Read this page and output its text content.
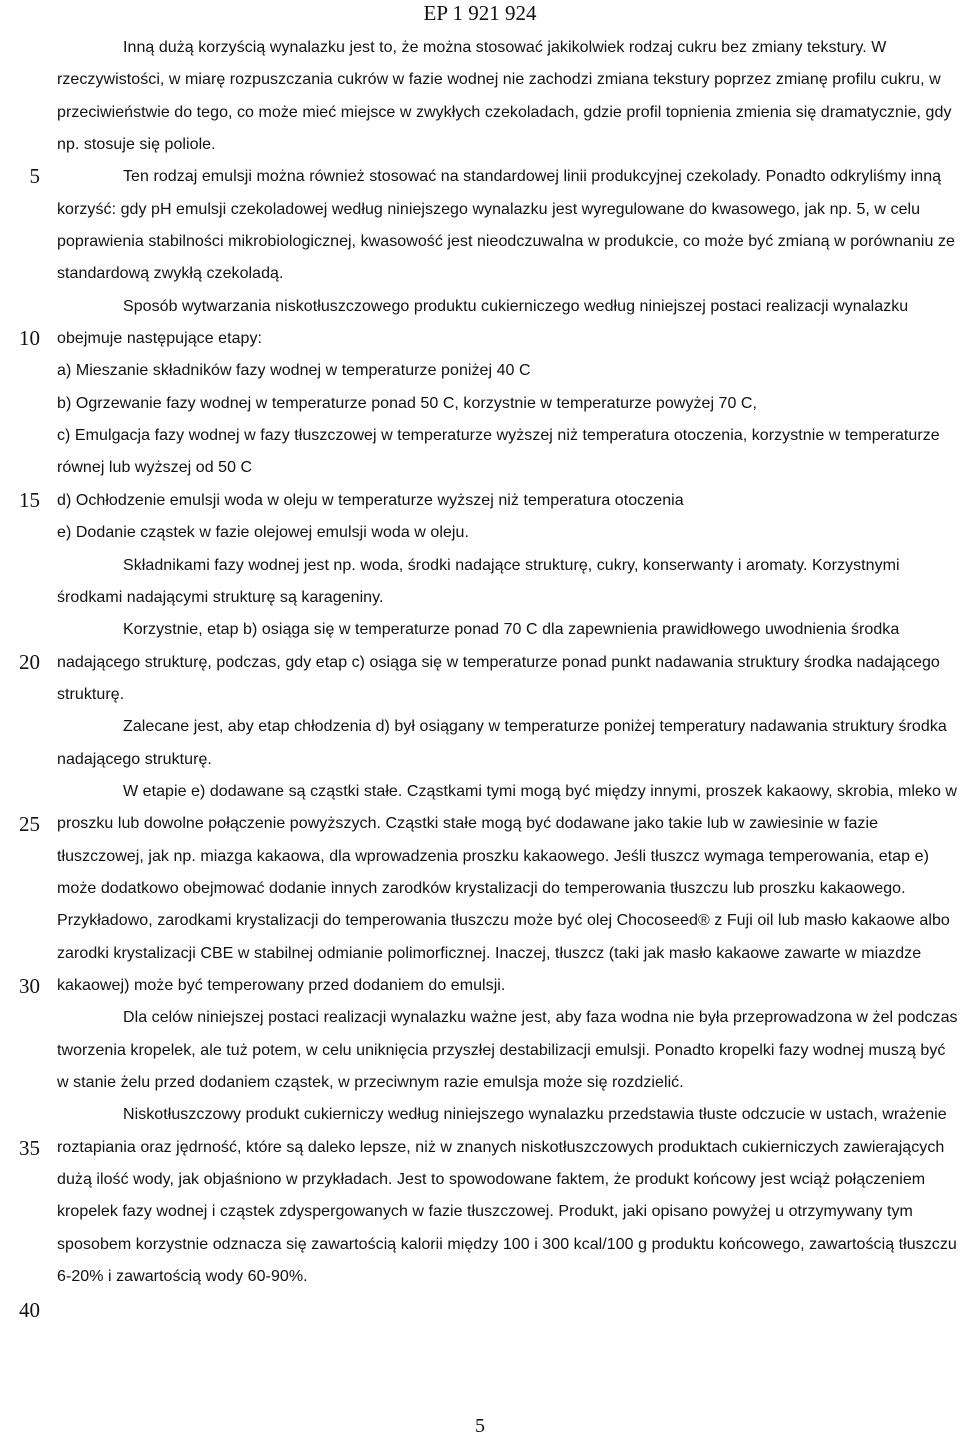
EP 1 921 924
5
10
15
20
25
30
35
40

Inną dużą korzyścią wynalazku jest to, że można stosować jakikolwiek rodzaj cukru bez zmiany tekstury. W rzeczywistości, w miarę rozpuszczania cukrów w fazie wodnej nie zachodzi zmiana tekstury poprzez zmianę profilu cukru, w przeciwieństwie do tego, co może mieć miejsce w zwykłych czekoladach, gdzie profil topnienia zmienia się dramatycznie, gdy np. stosuje się poliole.

Ten rodzaj emulsji można również stosować na standardowej linii produkcyjnej czekolady. Ponadto odkryliśmy inną korzyść: gdy pH emulsji czekoladowej według niniejszego wynalazku jest wyregulowane do kwasowego, jak np. 5, w celu poprawienia stabilności mikrobiologicznej, kwasowość jest nieodczuwalna w produkcie, co może być zmianą w porównaniu ze standardową zwykłą czekoladą.

Sposób wytwarzania niskotłuszczowego produktu cukierniczego według niniejszej postaci realizacji wynalazku obejmuje następujące etapy:

a) Mieszanie składników fazy wodnej w temperaturze poniżej 40 C

b) Ogrzewanie fazy wodnej w temperaturze ponad 50 C, korzystnie w temperaturze powyżej 70 C,

c) Emulgacja fazy wodnej w fazy tłuszczowej w temperaturze wyższej niż temperatura otoczenia, korzystnie w temperaturze równej lub wyższej od 50 C

d) Ochłodzenie emulsji woda w oleju w temperaturze wyższej niż temperatura otoczenia

e) Dodanie cząstek w fazie olejowej emulsji woda w oleju.

Składnikami fazy wodnej jest np. woda, środki nadające strukturę, cukry, konserwanty i aromaty. Korzystnymi środkami nadającymi strukturę są karageniny.

Korzystnie, etap b) osiąga się w temperaturze ponad 70 C dla zapewnienia prawidłowego uwodnienia środka nadającego strukturę, podczas, gdy etap c) osiąga się w temperaturze ponad punkt nadawania struktury środka nadającego strukturę.

Zalecane jest, aby etap chłodzenia d) był osiągany w temperaturze poniżej temperatury nadawania struktury środka nadającego strukturę.

W etapie e) dodawane są cząstki stałe. Cząstkami tymi mogą być między innymi, proszek kakaowy, skrobia, mleko w proszku lub dowolne połączenie powyższych. Cząstki stałe mogą być dodawane jako takie lub w zawiesinie w fazie tłuszczowej, jak np. miazga kakaowa, dla wprowadzenia proszku kakaowego. Jeśli tłuszcz wymaga temperowania, etap e) może dodatkowo obejmować dodanie innych zarodków krystalizacji do temperowania tłuszczu lub proszku kakaowego. Przykładowo, zarodkami krystalizacji do temperowania tłuszczu może być olej Chocoseed® z Fuji oil lub masło kakaowe albo zarodki krystalizacji CBE w stabilnej odmianie polimorficznej. Inaczej, tłuszcz (taki jak masło kakaowe zawarte w miazdze kakaowej) może być temperowany przed dodaniem do emulsji.

Dla celów niniejszej postaci realizacji wynalazku ważne jest, aby faza wodna nie była przeprowadzona w żel podczas tworzenia kropelek, ale tuż potem, w celu uniknięcia przyszłej destabilizacji emulsji. Ponadto kropelki fazy wodnej muszą być w stanie żelu przed dodaniem cząstek, w przeciwnym razie emulsja może się rozdzielić.

Niskotłuszczowy produkt cukierniczy według niniejszego wynalazku przedstawia tłuste odczucie w ustach, wrażenie roztapiania oraz jędrność, które są daleko lepsze, niż w znanych niskotłuszczowych produktach cukierniczych zawierających dużą ilość wody, jak objaśniono w przykładach. Jest to spowodowane faktem, że produkt końcowy jest wciąż połączeniem kropelek fazy wodnej i cząstek zdyspergowanych w fazie tłuszczowej. Produkt, jaki opisano powyżej u otrzymywany tym sposobem korzystnie odznacza się zawartością kalorii między 100 i 300 kcal/100 g produktu końcowego, zawartością tłuszczu 6-20% i zawartością wody 60-90%.

5
